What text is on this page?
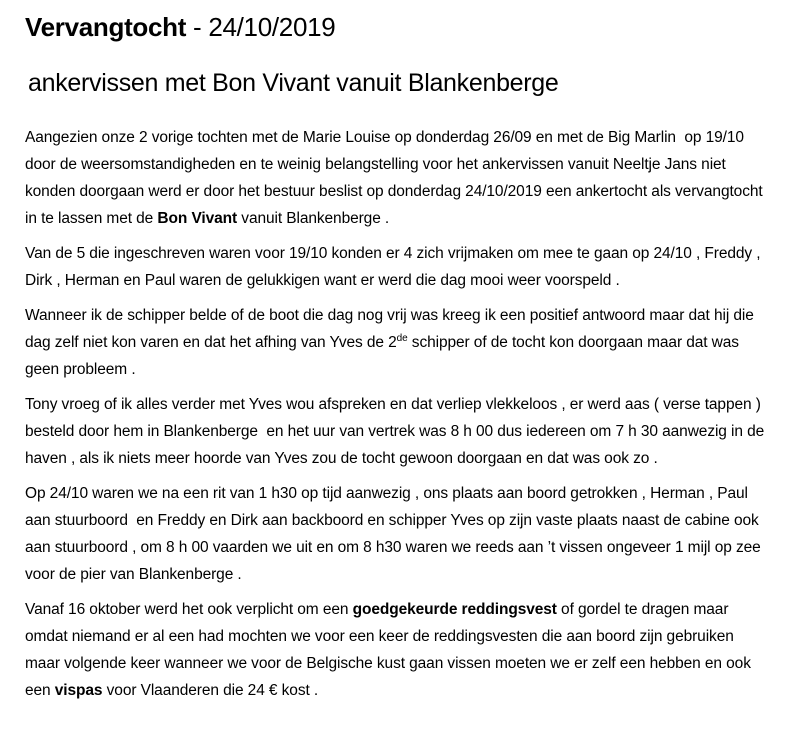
Vervangtocht - 24/10/2019
ankervissen met Bon Vivant vanuit Blankenberge

Aangezien onze 2 vorige tochten met de Marie Louise op donderdag 26/09 en met de Big Marlin  op 19/10 door de weersomstandigheden en te weinig belangstelling voor het ankervissen vanuit Neeltje Jans niet konden doorgaan werd er door het bestuur beslist op donderdag 24/10/2019 een ankertocht als vervangtocht in te lassen met de Bon Vivant vanuit Blankenberge .

Van de 5 die ingeschreven waren voor 19/10 konden er 4 zich vrijmaken om mee te gaan op 24/10 , Freddy , Dirk , Herman en Paul waren de gelukkigen want er werd die dag mooi weer voorspeld .

Wanneer ik de schipper belde of de boot die dag nog vrij was kreeg ik een positief antwoord maar dat hij die dag zelf niet kon varen en dat het afhing van Yves de 2de schipper of de tocht kon doorgaan maar dat was geen probleem .

Tony vroeg of ik alles verder met Yves wou afspreken en dat verliep vlekkeloos , er werd aas ( verse tappen ) besteld door hem in Blankenberge  en het uur van vertrek was 8 h 00 dus iedereen om 7 h 30 aanwezig in de haven , als ik niets meer hoorde van Yves zou de tocht gewoon doorgaan en dat was ook zo .

Op 24/10 waren we na een rit van 1 h30 op tijd aanwezig , ons plaats aan boord getrokken , Herman , Paul aan stuurboord  en Freddy en Dirk aan backboord en schipper Yves op zijn vaste plaats naast de cabine ook aan stuurboord , om 8 h 00 vaarden we uit en om 8 h30 waren we reeds aan ’t vissen ongeveer 1 mijl op zee voor de pier van Blankenberge .

Vanaf 16 oktober werd het ook verplicht om een goedgekeurde reddingsvest of gordel te dragen maar omdat niemand er al een had mochten we voor een keer de reddingsvesten die aan boord zijn gebruiken maar volgende keer wanneer we voor de Belgische kust gaan vissen moeten we er zelf een hebben en ook een vispas voor Vlaanderen die 24 € kost .
